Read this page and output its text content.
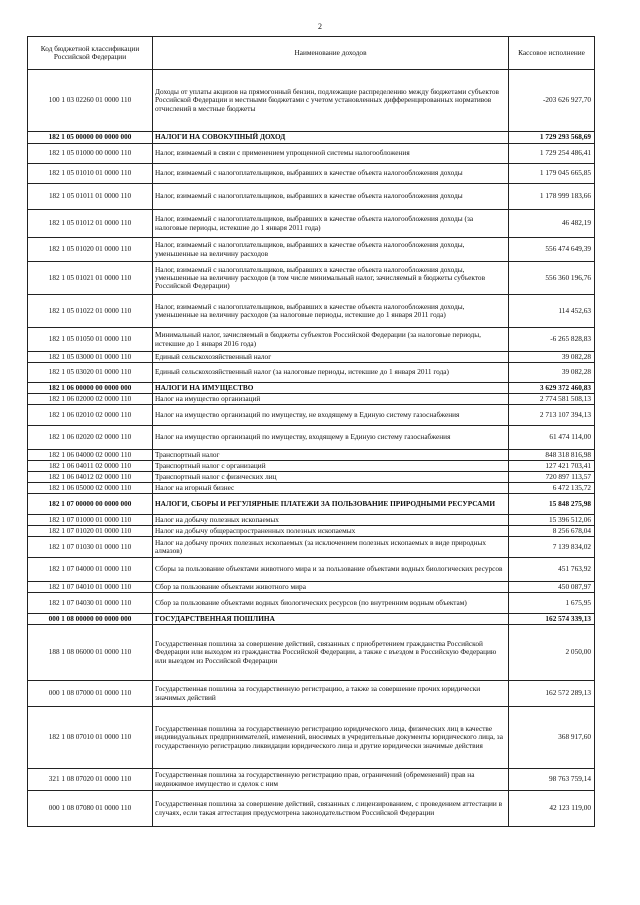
2
Код бюджетной классификации Российской Федерации	Наименование доходов	Кассовое исполнение
100 1 03 02260 01 0000 110	Доходы от уплаты акцизов на прямогонный бензин, подлежащие распределению между бюджетами субъектов Российской Федерации и местными бюджетами с учетом установленных дифференцированных нормативов отчислений в местные бюджеты	-203 626 927,70
182 1 05 00000 00 0000 000	НАЛОГИ НА СОВОКУПНЫЙ ДОХОД	1 729 293 568,69
182 1 05 01000 00 0000 110	Налог, взимаемый в связи с применением упрощенной системы налогообложения	1 729 254 486,41
182 1 05 01010 01 0000 110	Налог, взимаемый с налогоплательщиков, выбравших в качестве объекта налогообложения доходы	1 179 045 665,85
182 1 05 01011 01 0000 110	Налог, взимаемый с налогоплательщиков, выбравших в качестве объекта налогообложения доходы	1 178 999 183,66
182 1 05 01012 01 0000 110	Налог, взимаемый с налогоплательщиков, выбравших в качестве объекта налогообложения доходы (за налоговые периоды, истекшие до 1 января 2011 года)	46 482,19
182 1 05 01020 01 0000 110	Налог, взимаемый с налогоплательщиков, выбравших в качестве объекта налогообложения доходы, уменьшенные на величину расходов	556 474 649,39
182 1 05 01021 01 0000 110	Налог, взимаемый с налогоплательщиков, выбравших в качестве объекта налогообложения доходы, уменьшенные на величину расходов (в том числе минимальный налог, зачисляемый в бюджеты субъектов Российской Федерации)	556 360 196,76
182 1 05 01022 01 0000 110	Налог, взимаемый с налогоплательщиков, выбравших в качестве объекта налогообложения доходы, уменьшенные на величину расходов (за налоговые периоды, истекшие до 1 января 2011 года)	114 452,63
182 1 05 01050 01 0000 110	Минимальный налог, зачисляемый в бюджеты субъектов Российской Федерации (за налоговые периоды, истекшие до 1 января 2016 года)	-6 265 828,83
182 1 05 03000 01 0000 110	Единый сельскохозяйственный налог	39 082,28
182 1 05 03020 01 0000 110	Единый сельскохозяйственный налог (за налоговые периоды, истекшие до 1 января 2011 года)	39 082,28
182 1 06 00000 00 0000 000	НАЛОГИ НА ИМУЩЕСТВО	3 629 372 460,83
182 1 06 02000 02 0000 110	Налог на имущество организаций	2 774 581 508,13
182 1 06 02010 02 0000 110	Налог на имущество организаций по имуществу, не входящему в Единую систему газоснабжения	2 713 107 394,13
182 1 06 02020 02 0000 110	Налог на имущество организаций по имуществу, входящему в Единую систему газоснабжения	61 474 114,00
182 1 06 04000 02 0000 110	Транспортный налог	848 318 816,98
182 1 06 04011 02 0000 110	Транспортный налог с организаций	127 421 703,41
182 1 06 04012 02 0000 110	Транспортный налог с физических лиц	720 897 113,57
182 1 06 05000 02 0000 110	Налог на игорный бизнес	6 472 135,72
182 1 07 00000 00 0000 000	НАЛОГИ, СБОРЫ И РЕГУЛЯРНЫЕ ПЛАТЕЖИ ЗА ПОЛЬЗОВАНИЕ ПРИРОДНЫМИ РЕСУРСАМИ	15 848 275,98
182 1 07 01000 01 0000 110	Налог на добычу полезных ископаемых	15 396 512,06
182 1 07 01020 01 0000 110	Налог на добычу общераспространенных полезных ископаемых	8 256 678,04
182 1 07 01030 01 0000 110	Налог на добычу прочих полезных ископаемых (за исключением полезных ископаемых в виде природных алмазов)	7 139 834,02
182 1 07 04000 01 0000 110	Сборы за пользование объектами животного мира и за пользование объектами водных биологических ресурсов	451 763,92
182 1 07 04010 01 0000 110	Сбор за пользование объектами животного мира	450 087,97
182 1 07 04030 01 0000 110	Сбор за пользование объектами водных биологических ресурсов (по внутренним водным объектам)	1 675,95
000 1 08 00000 00 0000 000	ГОСУДАРСТВЕННАЯ ПОШЛИНА	162 574 339,13
188 1 08 06000 01 0000 110	Государственная пошлина за совершение действий, связанных с приобретением гражданства Российской Федерации или выходом из гражданства Российской Федерации, а также с въездом в Российскую Федерацию или выездом из Российской Федерации	2 050,00
000 1 08 07000 01 0000 110	Государственная пошлина за государственную регистрацию, а также за совершение прочих юридически значимых действий	162 572 289,13
182 1 08 07010 01 0000 110	Государственная пошлина за государственную регистрацию юридического лица, физических лиц в качестве индивидуальных предпринимателей, изменений, вносимых в учредительные документы юридического лица, за государственную регистрацию ликвидации юридического лица и другие юридически значимые действия	368 917,60
321 1 08 07020 01 0000 110	Государственная пошлина за государственную регистрацию прав, ограничений (обременений) прав на недвижимое имущество и сделок с ним	98 763 759,14
000 1 08 07080 01 0000 110	Государственная пошлина за совершение действий, связанных с лицензированием, с проведением аттестации в случаях, если такая аттестация предусмотрена законодательством Российской Федерации	42 123 119,00
